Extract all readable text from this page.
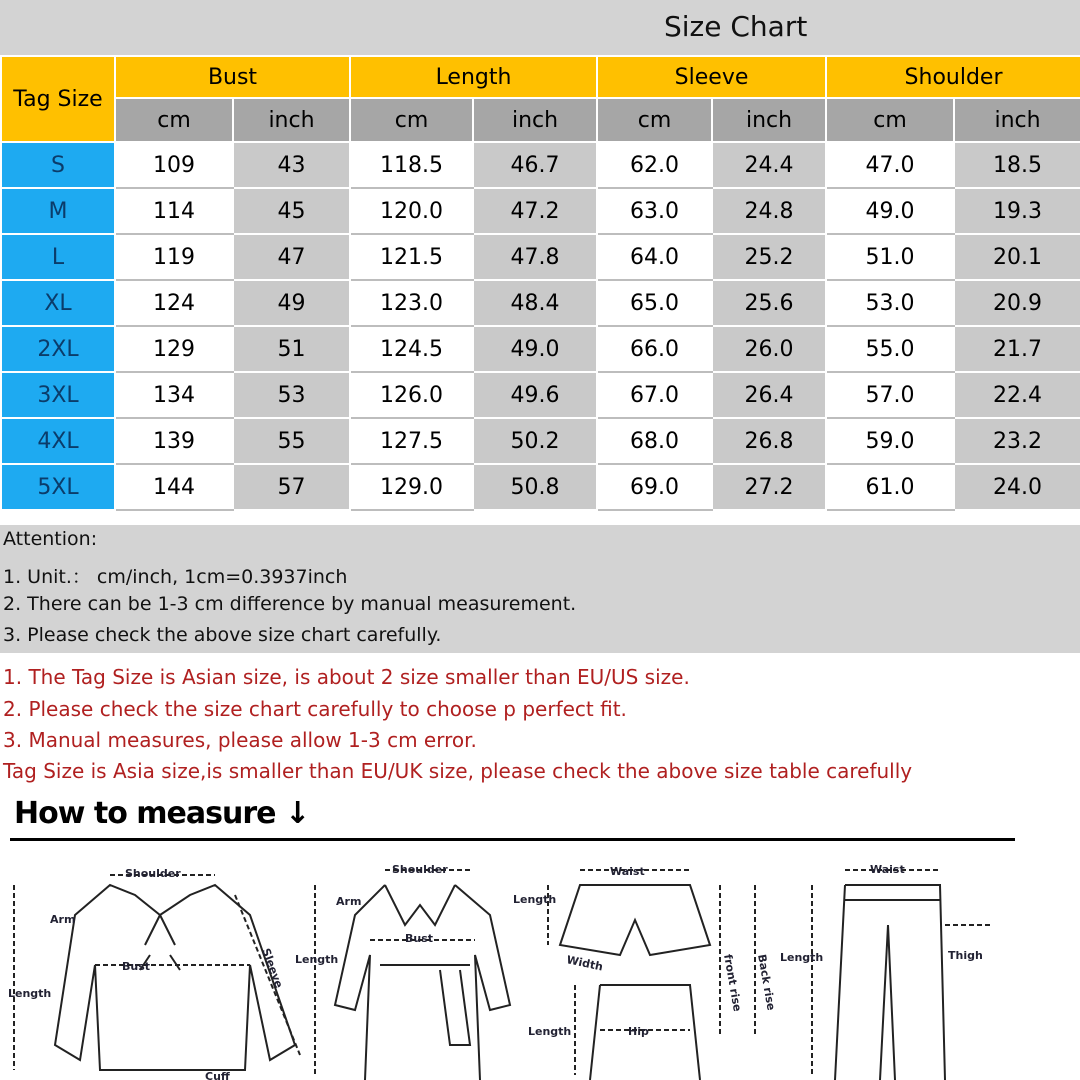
Size Chart
Tag Size	Bust		Length		Sleeve		Shoulder	
	cm	inch	cm	inch	cm	inch	cm	inch
S	109	43	118.5	46.7	62.0	24.4	47.0	18.5
M	114	45	120.0	47.2	63.0	24.8	49.0	19.3
L	119	47	121.5	47.8	64.0	25.2	51.0	20.1
XL	124	49	123.0	48.4	65.0	25.6	53.0	20.9
2XL	129	51	124.5	49.0	66.0	26.0	55.0	21.7
3XL	134	53	126.0	49.6	67.0	26.4	57.0	22.4
4XL	139	55	127.5	50.2	68.0	26.8	59.0	23.2
5XL	144	57	129.0	50.8	69.0	27.2	61.0	24.0
Attention:
1. Unit.： cm/inch, 1cm=0.3937inch
2. There can be 1-3 cm difference by manual measurement.
3. Please check the above size chart carefully.
1. The Tag Size is Asian size, is about 2 size smaller than EU/US size.
2. Please check the size chart carefully to choose p perfect fit.
3. Manual measures, please allow 1-3 cm error.
Tag Size is Asia size,is smaller than EU/UK size, please check the above size table carefully
How to measure ↓
Shoulder
Arm
Bust	Sleeve
Length
Cuff
Shoulder
Arm
Bust
Length
Waist
Length
Width	front rise Back rise
Length	Hip
Waist
Length	Thigh
